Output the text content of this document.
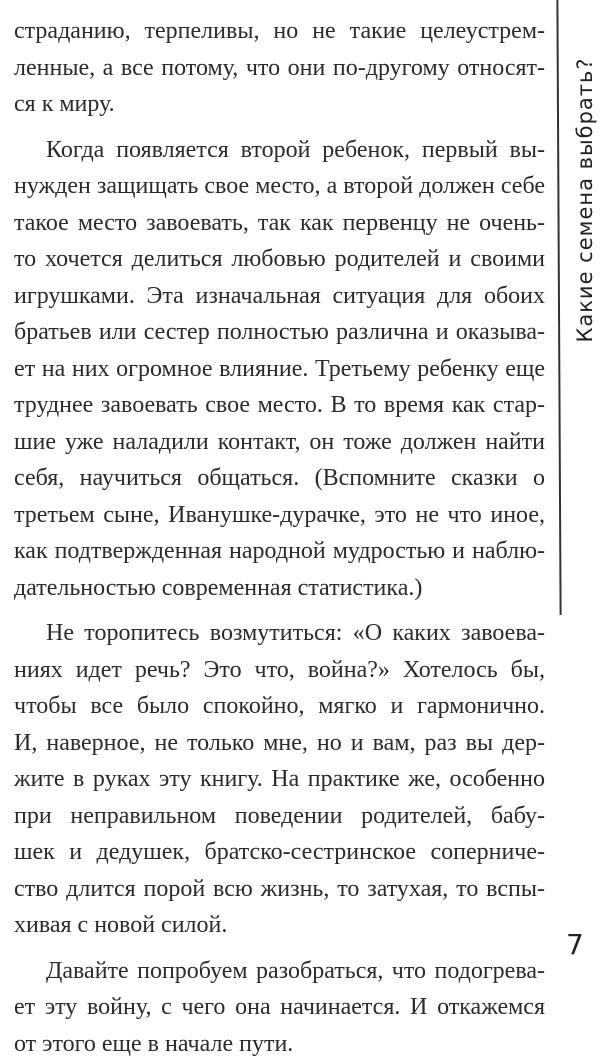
страданию, терпеливы, но не такие целеустрем-
ленные, а все потому, что они по-другому относят-
ся к миру.

Когда появляется второй ребенок, первый вы-
нужден защищать свое место, а второй должен себе
такое место завоевать, так как первенцу не очень-
то хочется делиться любовью родителей и своими
игрушками. Эта изначальная ситуация для обоих
братьев или сестер полностью различна и оказыва-
ет на них огромное влияние. Третьему ребенку еще
труднее завоевать свое место. В то время как стар-
шие уже наладили контакт, он тоже должен найти
себя, научиться общаться. (Вспомните сказки о
третьем сыне, Иванушке-дурачке, это не что иное,
как подтвержденная народной мудростью и наблю-
дательностью современная статистика.)

Не торопитесь возмутиться: «О каких завоева-
ниях идет речь? Это что, война?» Хотелось бы,
чтобы все было спокойно, мягко и гармонично.
И, наверное, не только мне, но и вам, раз вы дер-
жите в руках эту книгу. На практике же, особенно
при неправильном поведении родителей, бабу-
шек и дедушек, братско-сестринское соперниче-
ство длится порой всю жизнь, то затухая, то вспы-
хивая с новой силой.

Давайте попробуем разобраться, что подогрева-
ет эту войну, с чего она начинается. И откажемся
от этого еще в начале пути.

Какие семена выбрать?
7
